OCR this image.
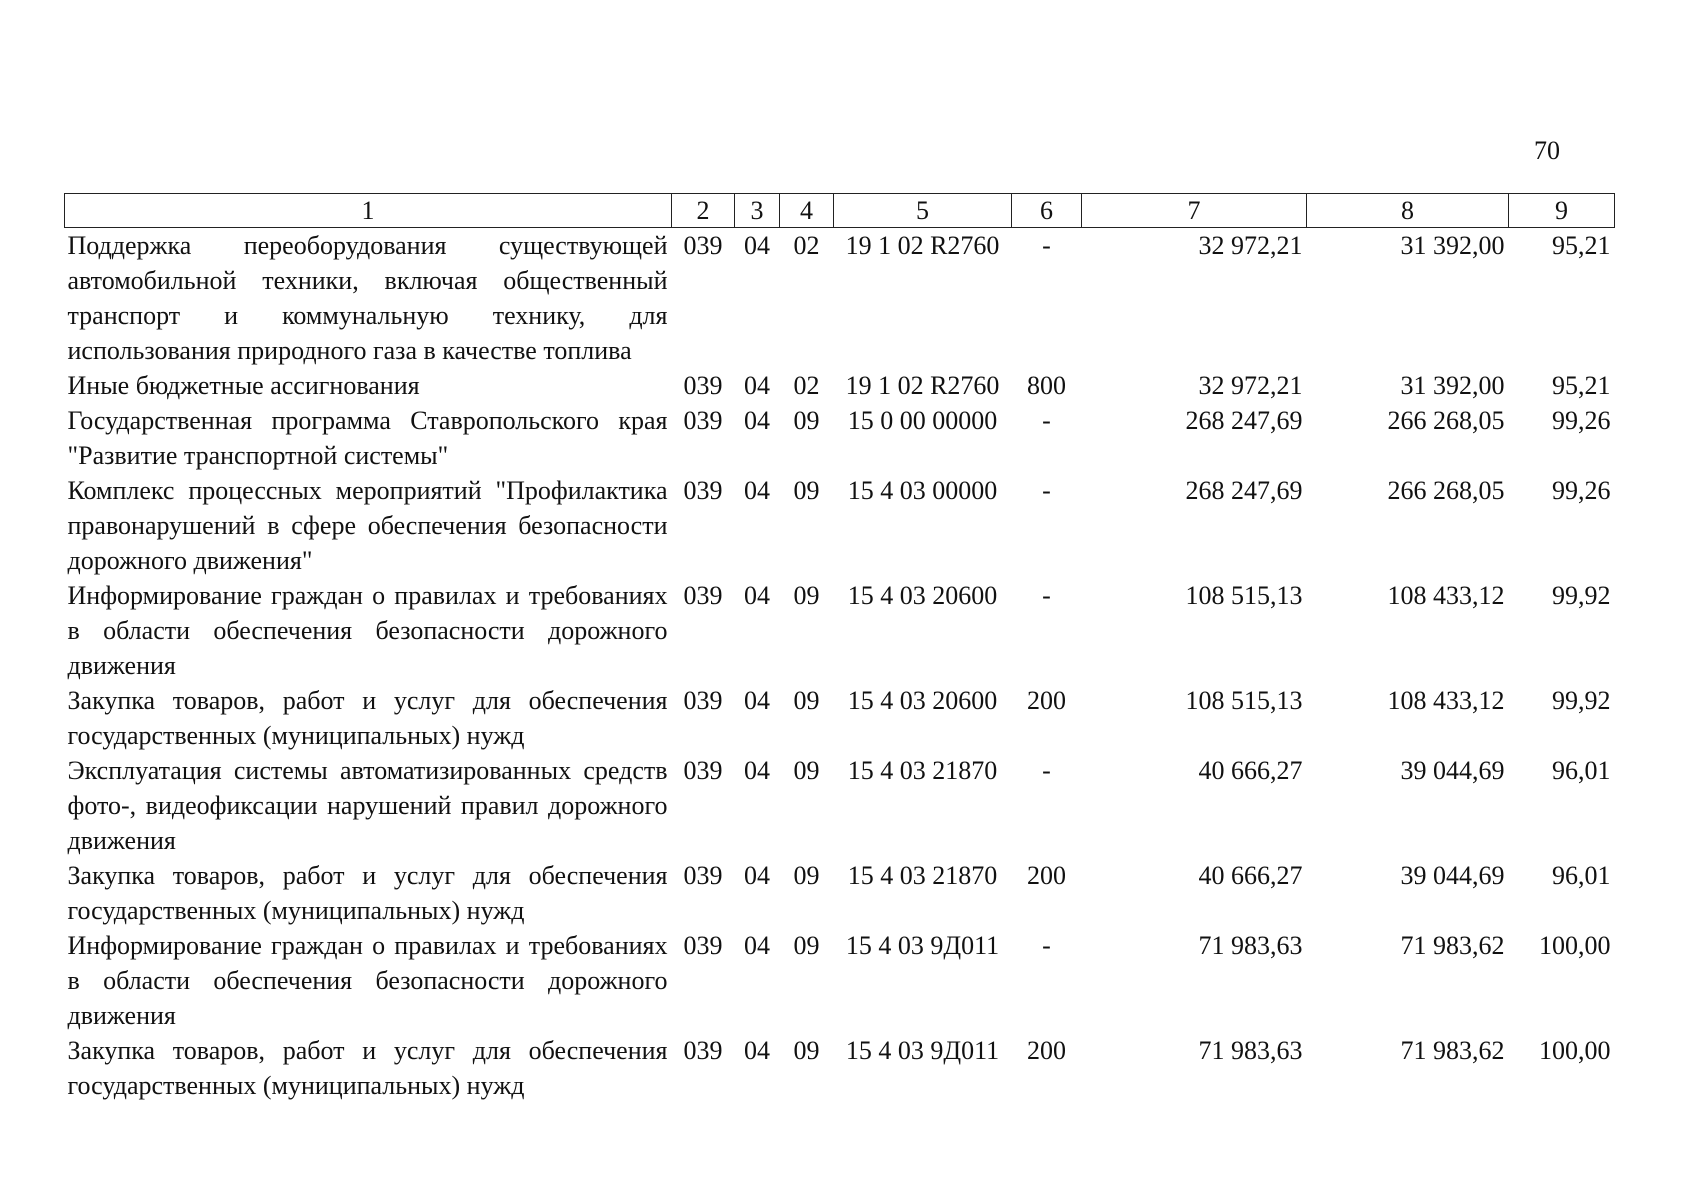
70
1	2	3	4	5	6	7	8	9
Поддержка переоборудования существующей автомобильной техники, включая общественный транспорт и коммунальную технику, для использования природного газа в качестве топлива	039	04	02	19 1 02 R2760	-	32 972,21	31 392,00	95,21
Иные бюджетные ассигнования	039	04	02	19 1 02 R2760	800	32 972,21	31 392,00	95,21
Государственная программа Ставропольского края "Развитие транспортной системы"	039	04	09	15 0 00 00000	-	268 247,69	266 268,05	99,26
Комплекс процессных мероприятий "Профилактика правонарушений в сфере обеспечения безопасности дорожного движения"	039	04	09	15 4 03 00000	-	268 247,69	266 268,05	99,26
Информирование граждан о правилах и требованиях в области обеспечения безопасности дорожного движения	039	04	09	15 4 03 20600	-	108 515,13	108 433,12	99,92
Закупка товаров, работ и услуг для обеспечения государственных (муниципальных) нужд	039	04	09	15 4 03 20600	200	108 515,13	108 433,12	99,92
Эксплуатация системы автоматизированных средств фото-, видеофиксации нарушений правил дорожного движения	039	04	09	15 4 03 21870	-	40 666,27	39 044,69	96,01
Закупка товаров, работ и услуг для обеспечения государственных (муниципальных) нужд	039	04	09	15 4 03 21870	200	40 666,27	39 044,69	96,01
Информирование граждан о правилах и требованиях в области обеспечения безопасности дорожного движения	039	04	09	15 4 03 9Д011	-	71 983,63	71 983,62	100,00
Закупка товаров, работ и услуг для обеспечения государственных (муниципальных) нужд	039	04	09	15 4 03 9Д011	200	71 983,63	71 983,62	100,00
